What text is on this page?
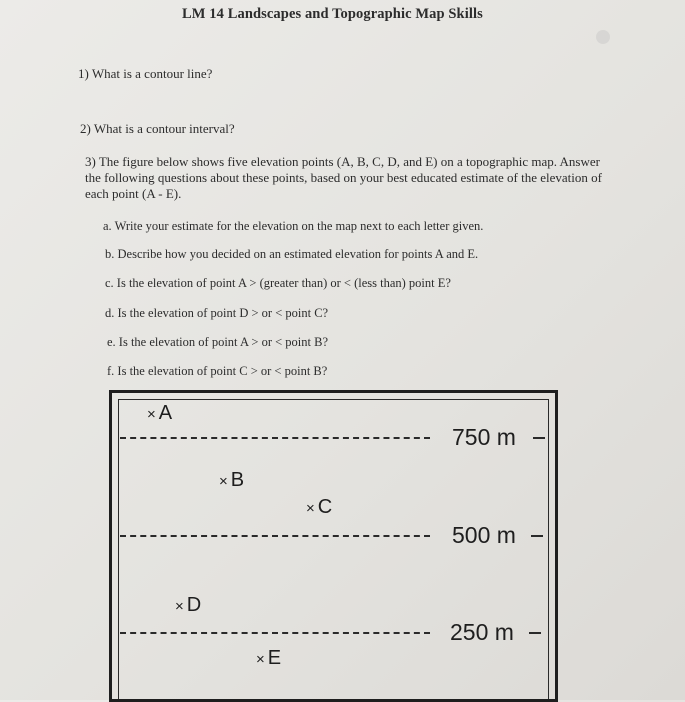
LM 14 Landscapes and Topographic Map Skills
1) What is a contour line?
2) What is a contour interval?
3) The figure below shows five elevation points (A, B, C, D, and E) on a topographic map. Answer the following questions about these points, based on your best educated estimate of the elevation of each point (A - E).
a. Write your estimate for the elevation on the map next to each letter given.
b. Describe how you decided on an estimated elevation for points A and E.
c. Is the elevation of point A > (greater than) or < (less than) point E?
d. Is the elevation of point D > or < point C?
e. Is the elevation of point A > or < point B?
f. Is the elevation of point C > or < point B?
750 m
500 m
250 m
× A
× B
× C
× D
× E
